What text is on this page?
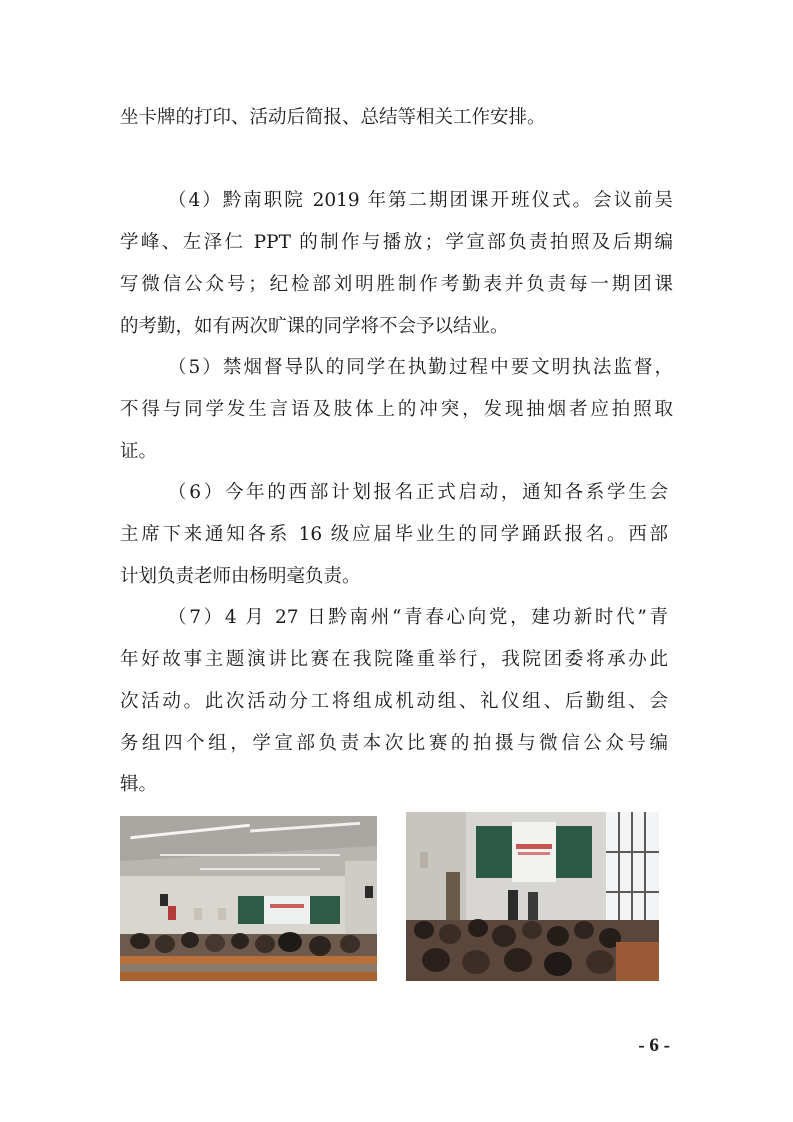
坐卡牌的打印、活动后简报、总结等相关工作安排。
（4）黔南职院 2019 年第二期团课开班仪式。会议前吴
学峰、左泽仁 PPT 的制作与播放；学宣部负责拍照及后期编
写微信公众号；纪检部刘明胜制作考勤表并负责每一期团课
的考勤，如有两次旷课的同学将不会予以结业。
（5）禁烟督导队的同学在执勤过程中要文明执法监督，
不得与同学发生言语及肢体上的冲突，发现抽烟者应拍照取
证。
（6）今年的西部计划报名正式启动，通知各系学生会
主席下来通知各系 16 级应届毕业生的同学踊跃报名。西部
计划负责老师由杨明毫负责。
（7）4 月 27 日黔南州“青春心向党，建功新时代”青
年好故事主题演讲比赛在我院隆重举行，我院团委将承办此
次活动。此次活动分工将组成机动组、礼仪组、后勤组、会
务组四个组，学宣部负责本次比赛的拍摄与微信公众号编
辑。
- 6 -
